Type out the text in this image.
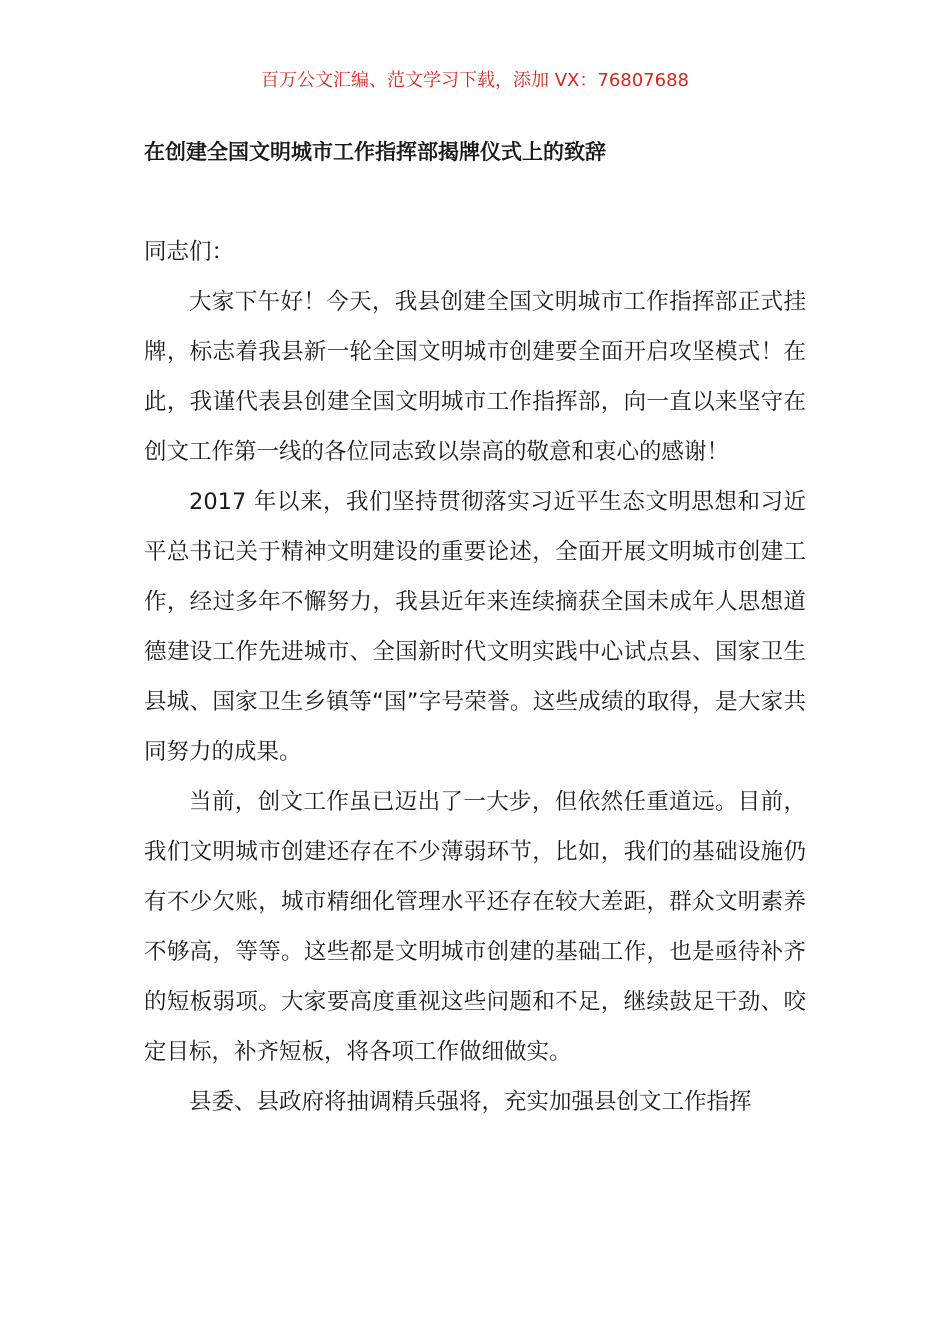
百万公文汇编、范文学习下载，添加 VX：76807688
在创建全国文明城市工作指挥部揭牌仪式上的致辞

同志们：

大家下午好！今天，我县创建全国文明城市工作指挥部正式挂牌，标志着我县新一轮全国文明城市创建要全面开启攻坚模式！在此，我谨代表县创建全国文明城市工作指挥部，向一直以来坚守在创文工作第一线的各位同志致以崇高的敬意和衷心的感谢！

2017 年以来，我们坚持贯彻落实习近平生态文明思想和习近平总书记关于精神文明建设的重要论述，全面开展文明城市创建工作，经过多年不懈努力，我县近年来连续摘获全国未成年人思想道德建设工作先进城市、全国新时代文明实践中心试点县、国家卫生县城、国家卫生乡镇等“国”字号荣誉。这些成绩的取得，是大家共同努力的成果。

当前，创文工作虽已迈出了一大步，但依然任重道远。目前，我们文明城市创建还存在不少薄弱环节，比如，我们的基础设施仍有不少欠账，城市精细化管理水平还存在较大差距，群众文明素养不够高，等等。这些都是文明城市创建的基础工作，也是亟待补齐的短板弱项。大家要高度重视这些问题和不足，继续鼓足干劲、咬定目标，补齐短板，将各项工作做细做实。

县委、县政府将抽调精兵强将，充实加强县创文工作指挥
